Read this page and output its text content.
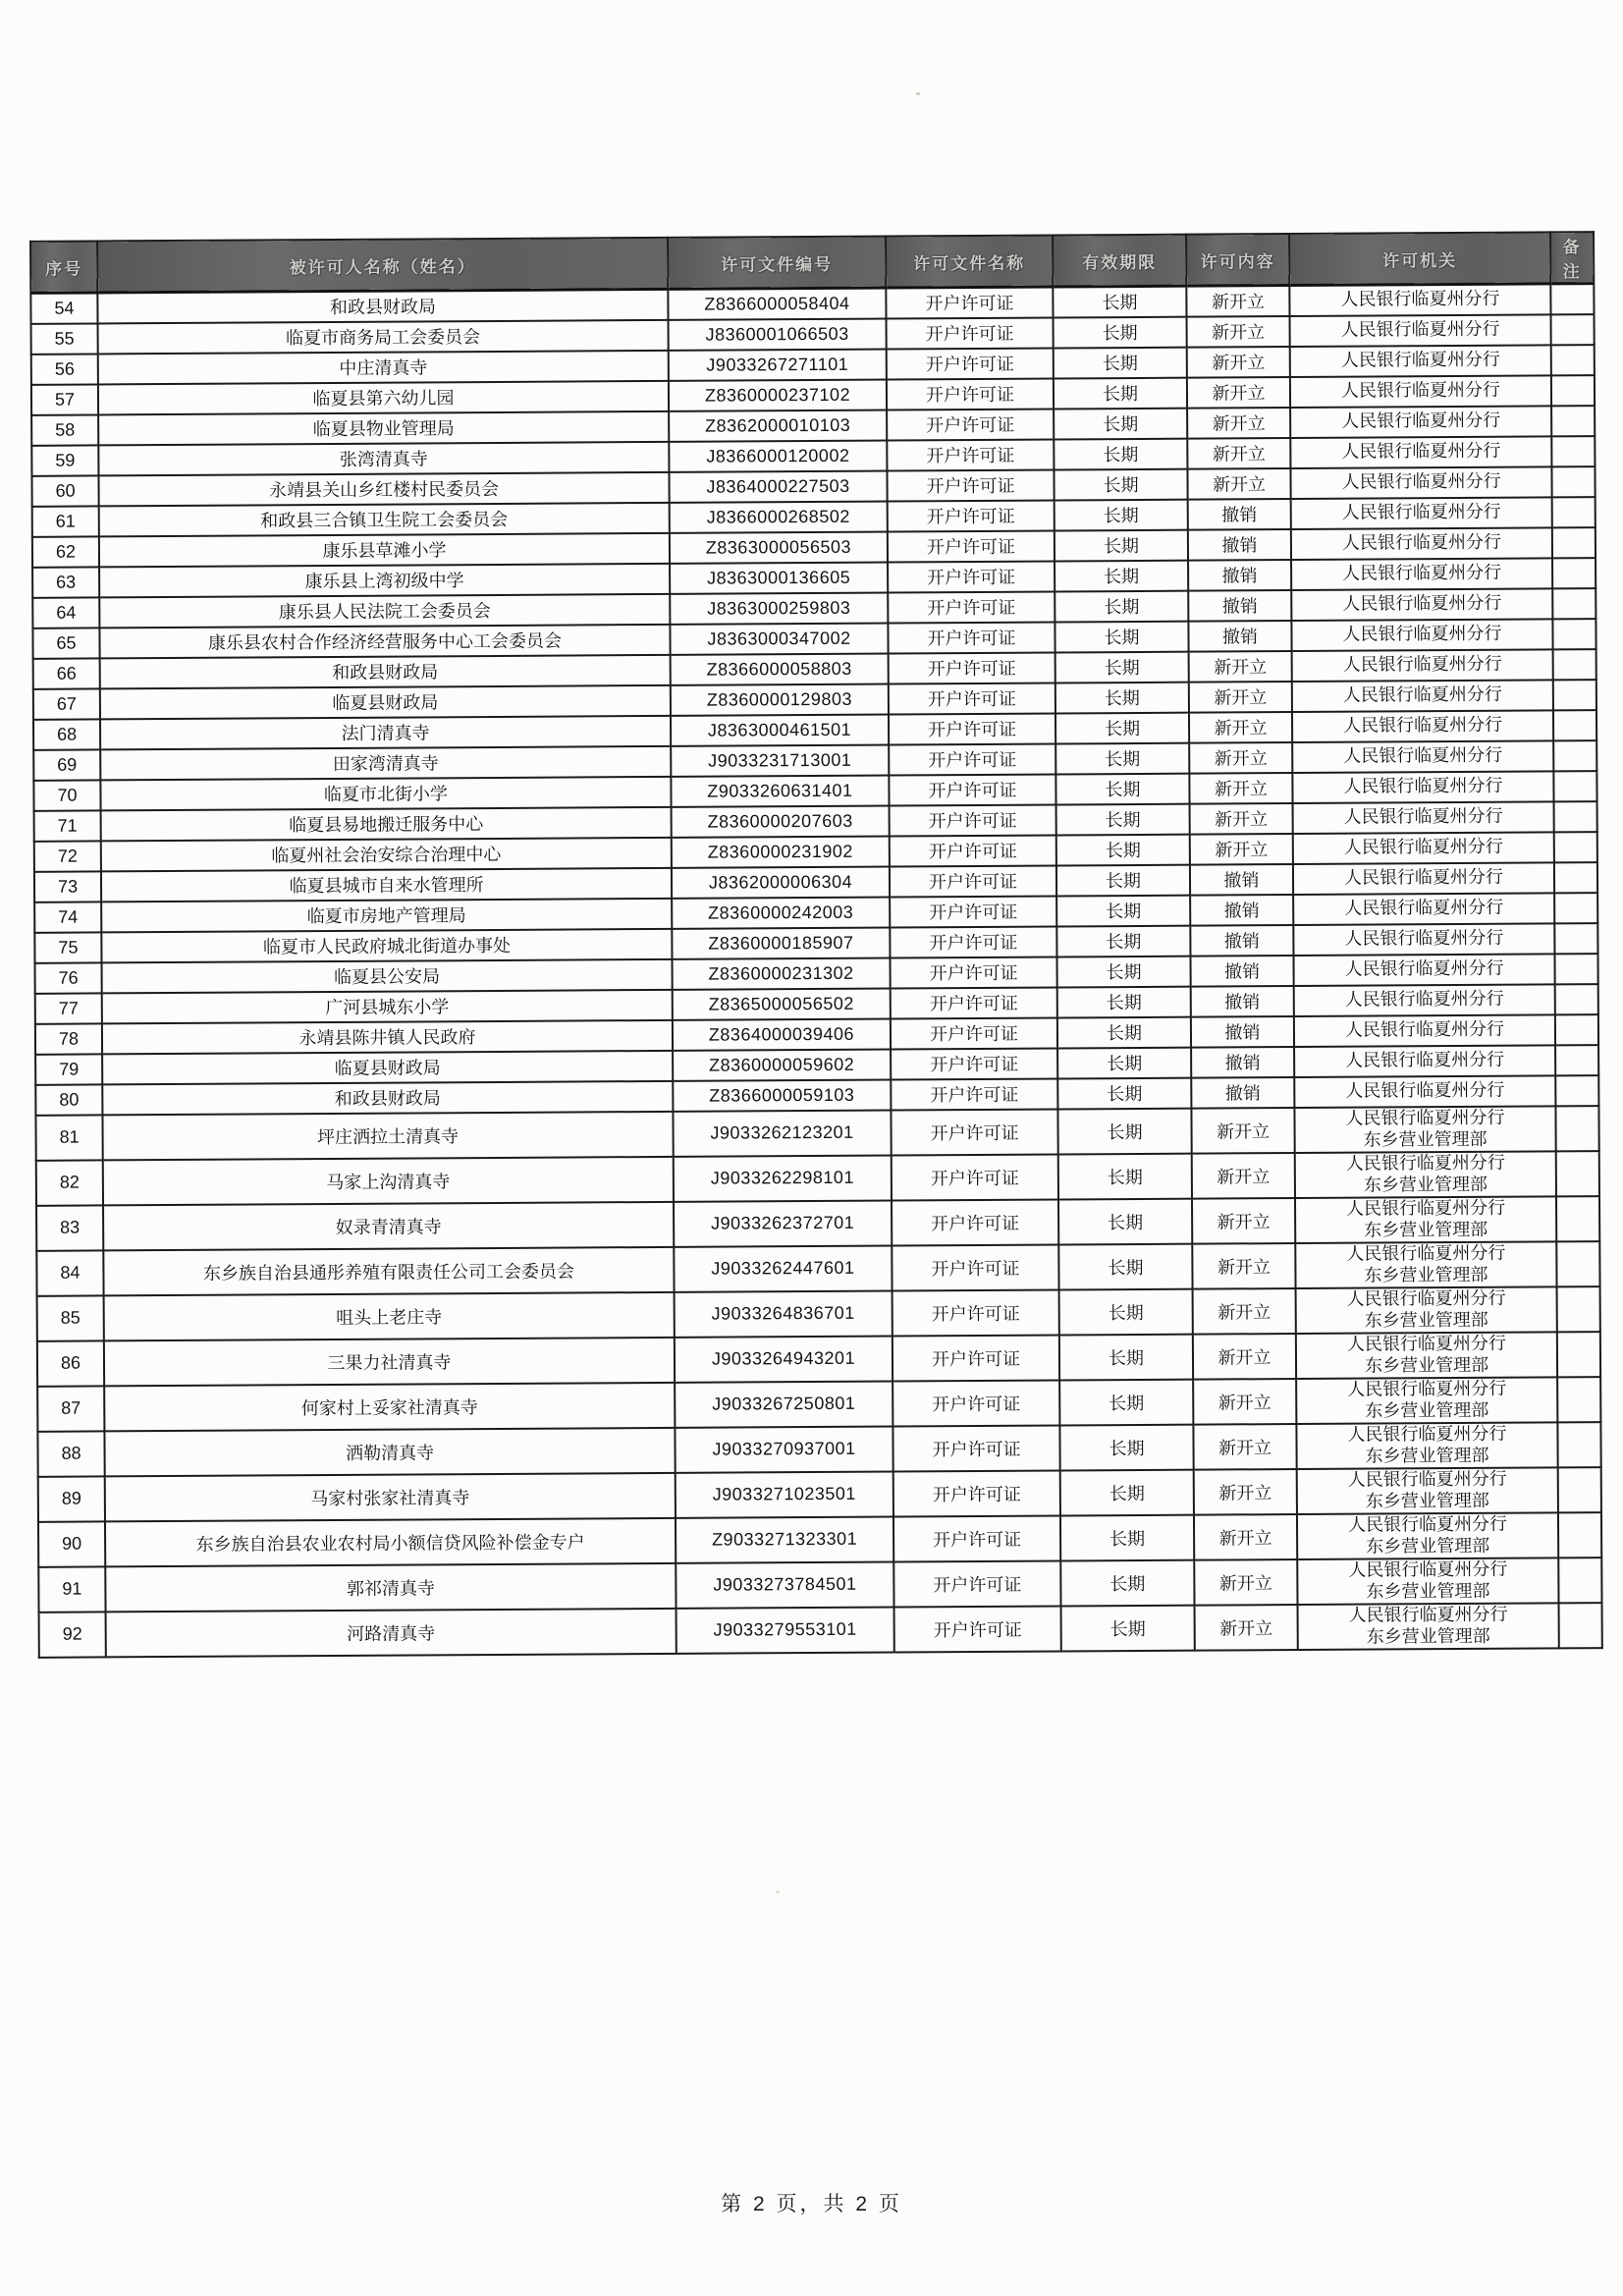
序号	被许可人名称（姓名）	许可文件编号	许可文件名称	有效期限	许可内容	许可机关	备注
54	和政县财政局	Z8366000058404	开户许可证	长期	新开立	人民银行临夏州分行	

55	临夏市商务局工会委员会	J8360001066503	开户许可证	长期	新开立	人民银行临夏州分行	

56	中庄清真寺	J9033267271101	开户许可证	长期	新开立	人民银行临夏州分行	

57	临夏县第六幼儿园	Z8360000237102	开户许可证	长期	新开立	人民银行临夏州分行	

58	临夏县物业管理局	Z8362000010103	开户许可证	长期	新开立	人民银行临夏州分行	

59	张湾清真寺	J8366000120002	开户许可证	长期	新开立	人民银行临夏州分行	

60	永靖县关山乡红楼村民委员会	J8364000227503	开户许可证	长期	新开立	人民银行临夏州分行	

61	和政县三合镇卫生院工会委员会	J8366000268502	开户许可证	长期	撤销	人民银行临夏州分行	

62	康乐县草滩小学	Z8363000056503	开户许可证	长期	撤销	人民银行临夏州分行	

63	康乐县上湾初级中学	J8363000136605	开户许可证	长期	撤销	人民银行临夏州分行	

64	康乐县人民法院工会委员会	J8363000259803	开户许可证	长期	撤销	人民银行临夏州分行	

65	康乐县农村合作经济经营服务中心工会委员会	J8363000347002	开户许可证	长期	撤销	人民银行临夏州分行	

66	和政县财政局	Z8366000058803	开户许可证	长期	新开立	人民银行临夏州分行	

67	临夏县财政局	Z8360000129803	开户许可证	长期	新开立	人民银行临夏州分行	

68	法门清真寺	J8363000461501	开户许可证	长期	新开立	人民银行临夏州分行	

69	田家湾清真寺	J9033231713001	开户许可证	长期	新开立	人民银行临夏州分行	

70	临夏市北街小学	Z9033260631401	开户许可证	长期	新开立	人民银行临夏州分行	

71	临夏县易地搬迁服务中心	Z8360000207603	开户许可证	长期	新开立	人民银行临夏州分行	

72	临夏州社会治安综合治理中心	Z8360000231902	开户许可证	长期	新开立	人民银行临夏州分行	

73	临夏县城市自来水管理所	J8362000006304	开户许可证	长期	撤销	人民银行临夏州分行	

74	临夏市房地产管理局	Z8360000242003	开户许可证	长期	撤销	人民银行临夏州分行	

75	临夏市人民政府城北街道办事处	Z8360000185907	开户许可证	长期	撤销	人民银行临夏州分行	

76	临夏县公安局	Z8360000231302	开户许可证	长期	撤销	人民银行临夏州分行	

77	广河县城东小学	Z8365000056502	开户许可证	长期	撤销	人民银行临夏州分行	

78	永靖县陈井镇人民政府	Z8364000039406	开户许可证	长期	撤销	人民银行临夏州分行	

79	临夏县财政局	Z8360000059602	开户许可证	长期	撤销	人民银行临夏州分行	

80	和政县财政局	Z8366000059103	开户许可证	长期	撤销	人民银行临夏州分行	

81	坪庄洒拉土清真寺	J9033262123201	开户许可证	长期	新开立	人民银行临夏州分行
东乡营业管理部	

82	马家上沟清真寺	J9033262298101	开户许可证	长期	新开立	人民银行临夏州分行
东乡营业管理部	

83	奴录青清真寺	J9033262372701	开户许可证	长期	新开立	人民银行临夏州分行
东乡营业管理部	

84	东乡族自治县通彤养殖有限责任公司工会委员会	J9033262447601	开户许可证	长期	新开立	人民银行临夏州分行
东乡营业管理部	

85	咀头上老庄寺	J9033264836701	开户许可证	长期	新开立	人民银行临夏州分行
东乡营业管理部	

86	三果力社清真寺	J9033264943201	开户许可证	长期	新开立	人民银行临夏州分行
东乡营业管理部	

87	何家村上妥家社清真寺	J9033267250801	开户许可证	长期	新开立	人民银行临夏州分行
东乡营业管理部	

88	洒勒清真寺	J9033270937001	开户许可证	长期	新开立	人民银行临夏州分行
东乡营业管理部	

89	马家村张家社清真寺	J9033271023501	开户许可证	长期	新开立	人民银行临夏州分行
东乡营业管理部	

90	东乡族自治县农业农村局小额信贷风险补偿金专户	Z9033271323301	开户许可证	长期	新开立	人民银行临夏州分行
东乡营业管理部	

91	郭祁清真寺	J9033273784501	开户许可证	长期	新开立	人民银行临夏州分行
东乡营业管理部	

92	河路清真寺	J9033279553101	开户许可证	长期	新开立	人民银行临夏州分行
东乡营业管理部	

第 2 页，共 2 页
